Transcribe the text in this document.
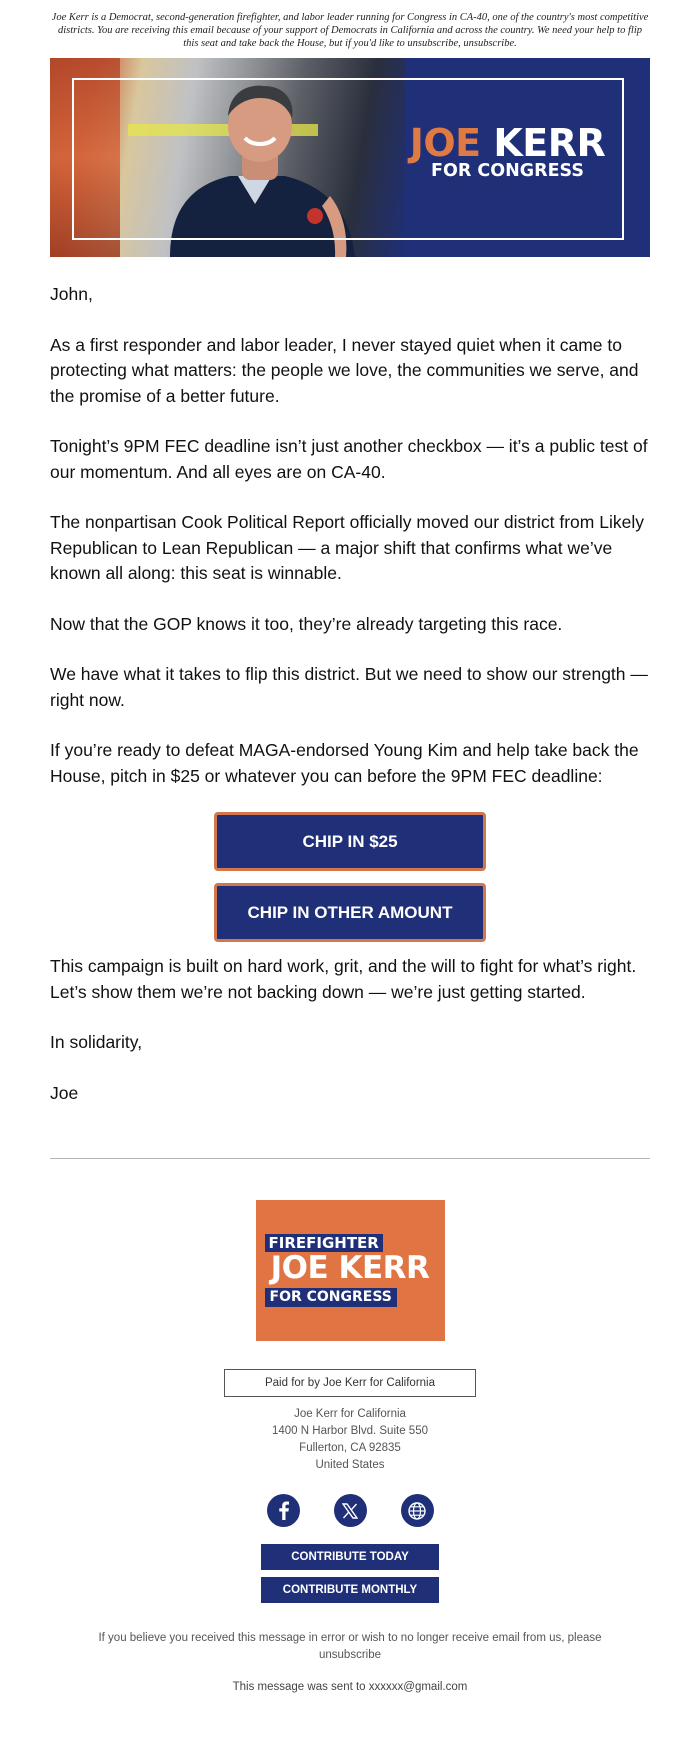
Joe Kerr is a Democrat, second-generation firefighter, and labor leader running for Congress in CA-40, one of the country's most competitive districts. You are receiving this email because of your support of Democrats in California and across the country. We need your help to flip this seat and take back the House, but if you'd like to unsubscribe, unsubscribe.
JOE KERR
FOR CONGRESS

John,

As a first responder and labor leader, I never stayed quiet when it came to protecting what matters: the people we love, the communities we serve, and the promise of a better future.

Tonight’s 9PM FEC deadline isn’t just another checkbox — it’s a public test of our momentum. And all eyes are on CA-40.

The nonpartisan Cook Political Report officially moved our district from Likely Republican to Lean Republican — a major shift that confirms what we’ve known all along: this seat is winnable.

Now that the GOP knows it too, they’re already targeting this race.

We have what it takes to flip this district. But we need to show our strength — right now.

If you’re ready to defeat MAGA-endorsed Young Kim and help take back the House, pitch in $25 or whatever you can before the 9PM FEC deadline:

CHIP IN $25
CHIP IN OTHER AMOUNT

This campaign is built on hard work, grit, and the will to fight for what’s right. Let’s show them we’re not backing down — we’re just getting started.

In solidarity,

Joe

FIREFIGHTER
JOE KERR
FOR CONGRESS
Paid for by Joe Kerr for California
Joe Kerr for California
1400 N Harbor Blvd. Suite 550
Fullerton, CA 92835
United States
CONTRIBUTE TODAY
CONTRIBUTE MONTHLY
If you believe you received this message in error or wish to no longer receive email from us, please unsubscribe
This message was sent to xxxxxx@gmail.com
